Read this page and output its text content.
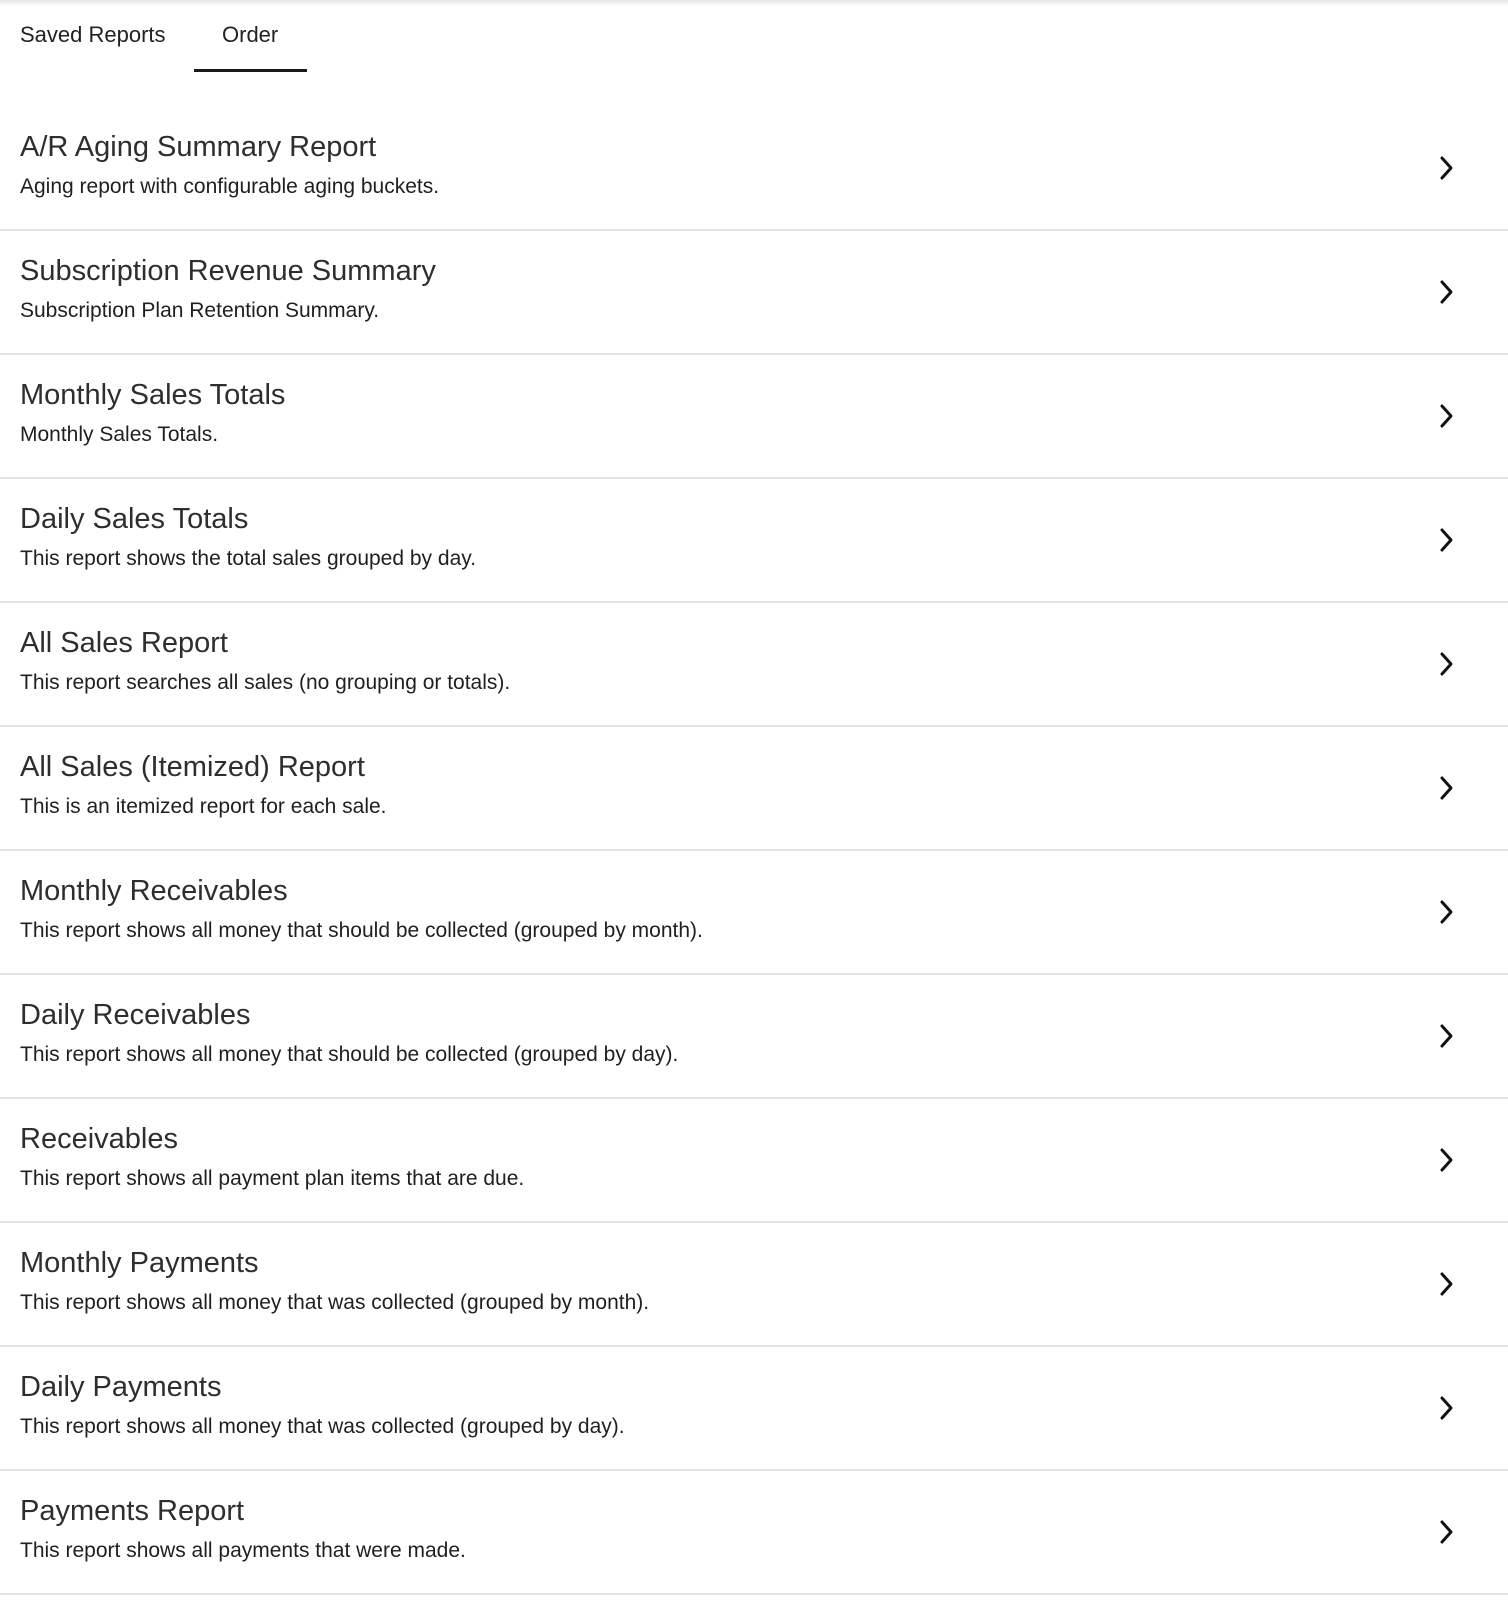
Saved Reports	Order
A/R Aging Summary Report
Aging report with configurable aging buckets.
Subscription Revenue Summary
Subscription Plan Retention Summary.
Monthly Sales Totals
Monthly Sales Totals.
Daily Sales Totals
This report shows the total sales grouped by day.
All Sales Report
This report searches all sales (no grouping or totals).
All Sales (Itemized) Report
This is an itemized report for each sale.
Monthly Receivables
This report shows all money that should be collected (grouped by month).
Daily Receivables
This report shows all money that should be collected (grouped by day).
Receivables
This report shows all payment plan items that are due.
Monthly Payments
This report shows all money that was collected (grouped by month).
Daily Payments
This report shows all money that was collected (grouped by day).
Payments Report
This report shows all payments that were made.
